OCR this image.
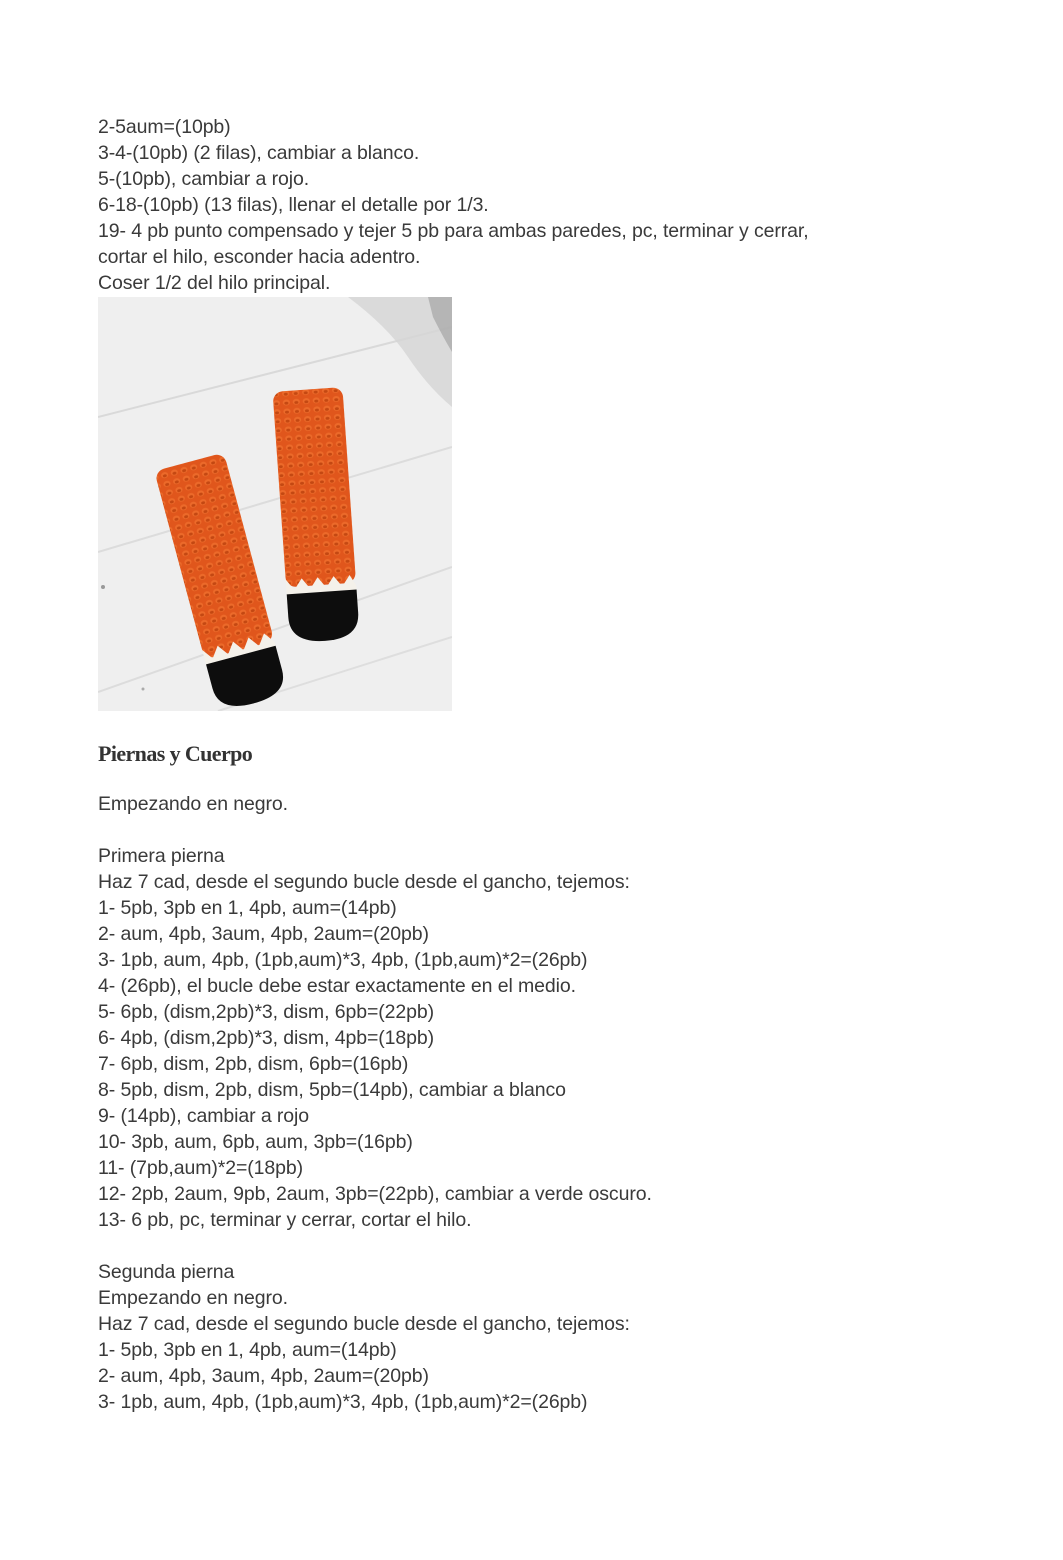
2-5aum=(10pb)
3-4-(10pb) (2 filas), cambiar a blanco.
5-(10pb), cambiar a rojo.
6-18-(10pb) (13 filas), llenar el detalle por 1/3.
19- 4 pb punto compensado y tejer 5 pb para ambas paredes, pc, terminar y cerrar,
cortar el hilo, esconder hacia adentro.
Coser 1/2 del hilo principal.
Piernas y Cuerpo
Empezando en negro.
Primera pierna
Haz 7 cad, desde el segundo bucle desde el gancho, tejemos:
1- 5pb, 3pb en 1, 4pb, aum=(14pb)
2- aum, 4pb, 3aum, 4pb, 2aum=(20pb)
3- 1pb, aum, 4pb, (1pb,aum)*3, 4pb, (1pb,aum)*2=(26pb)
4- (26pb), el bucle debe estar exactamente en el medio.
5- 6pb, (dism,2pb)*3, dism, 6pb=(22pb)
6- 4pb, (dism,2pb)*3, dism, 4pb=(18pb)
7- 6pb, dism, 2pb, dism, 6pb=(16pb)
8- 5pb, dism, 2pb, dism, 5pb=(14pb), cambiar a blanco
9- (14pb), cambiar a rojo
10- 3pb, aum, 6pb, aum, 3pb=(16pb)
11- (7pb,aum)*2=(18pb)
12- 2pb, 2aum, 9pb, 2aum, 3pb=(22pb), cambiar a verde oscuro.
13- 6 pb, pc, terminar y cerrar, cortar el hilo.
Segunda pierna
Empezando en negro.
Haz 7 cad, desde el segundo bucle desde el gancho, tejemos:
1- 5pb, 3pb en 1, 4pb, aum=(14pb)
2- aum, 4pb, 3aum, 4pb, 2aum=(20pb)
3- 1pb, aum, 4pb, (1pb,aum)*3, 4pb, (1pb,aum)*2=(26pb)
